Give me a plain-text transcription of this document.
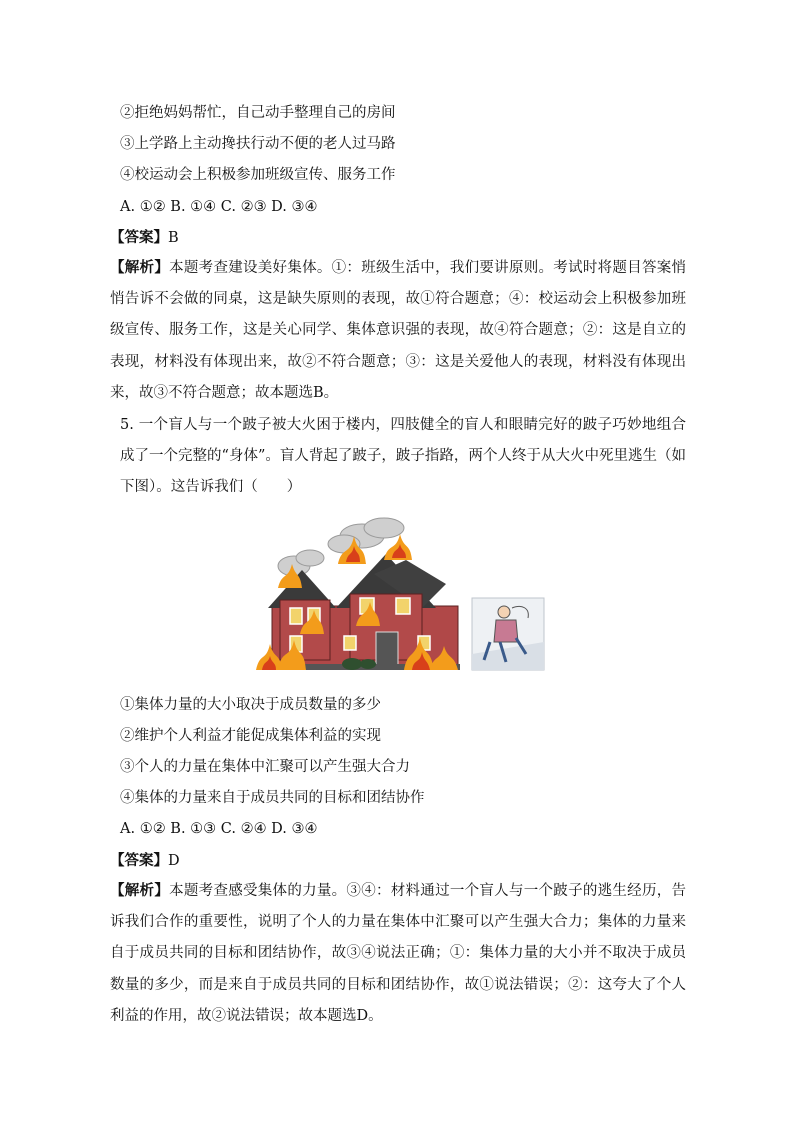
②拒绝妈妈帮忙，自己动手整理自己的房间
③上学路上主动搀扶行动不便的老人过马路
④校运动会上积极参加班级宣传、服务工作
A. ①② B. ①④ C. ②③ D. ③④
【答案】B
【解析】本题考查建设美好集体。①：班级生活中，我们要讲原则。考试时将题目答案悄悄告诉不会做的同桌，这是缺失原则的表现，故①符合题意；④：校运动会上积极参加班级宣传、服务工作，这是关心同学、集体意识强的表现，故④符合题意；②：这是自立的表现，材料没有体现出来，故②不符合题意；③：这是关爱他人的表现，材料没有体现出来，故③不符合题意；故本题选B。
5. 一个盲人与一个跛子被大火困于楼内，四肢健全的盲人和眼睛完好的跛子巧妙地组合成了一个完整的“身体”。盲人背起了跛子，跛子指路，两个人终于从大火中死里逃生（如下图）。这告诉我们（　　）
①集体力量的大小取决于成员数量的多少
②维护个人利益才能促成集体利益的实现
③个人的力量在集体中汇聚可以产生强大合力
④集体的力量来自于成员共同的目标和团结协作
A. ①② B. ①③ C. ②④ D. ③④
【答案】D
【解析】本题考查感受集体的力量。③④：材料通过一个盲人与一个跛子的逃生经历，告诉我们合作的重要性，说明了个人的力量在集体中汇聚可以产生强大合力；集体的力量来自于成员共同的目标和团结协作，故③④说法正确；①：集体力量的大小并不取决于成员数量的多少，而是来自于成员共同的目标和团结协作，故①说法错误；②：这夸大了个人利益的作用，故②说法错误；故本题选D。
